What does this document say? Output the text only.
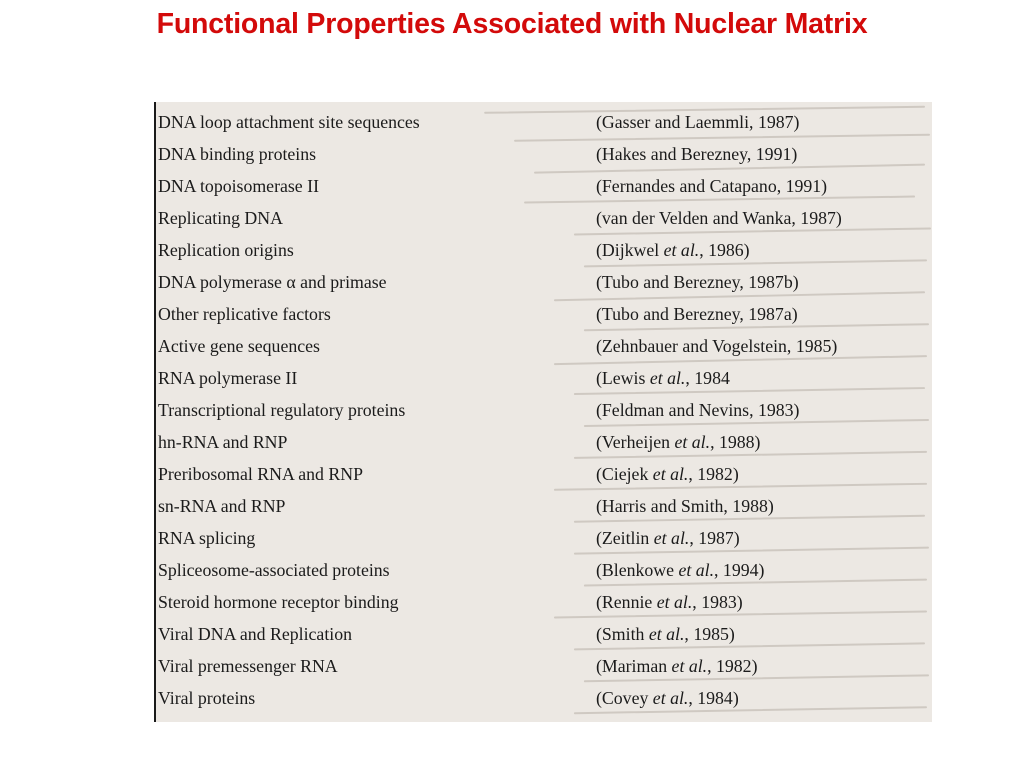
Functional Properties Associated with Nuclear Matrix
DNA loop attachment site sequences	(Gasser and Laemmli, 1987)
DNA binding proteins	(Hakes and Berezney, 1991)
DNA topoisomerase II	(Fernandes and Catapano, 1991)
Replicating DNA	(van der Velden and Wanka, 1987)
Replication origins	(Dijkwel et al., 1986)
DNA polymerase α and primase	(Tubo and Berezney, 1987b)
Other replicative factors	(Tubo and Berezney, 1987a)
Active gene sequences	(Zehnbauer and Vogelstein, 1985)
RNA polymerase II	(Lewis et al., 1984
Transcriptional regulatory proteins	(Feldman and Nevins, 1983)
hn-RNA and RNP	(Verheijen et al., 1988)
Preribosomal RNA and RNP	(Ciejek et al., 1982)
sn-RNA and RNP	(Harris and Smith, 1988)
RNA splicing	(Zeitlin et al., 1987)
Spliceosome-associated proteins	(Blenkowe et al., 1994)
Steroid hormone receptor binding	(Rennie et al., 1983)
Viral DNA and Replication	(Smith et al., 1985)
Viral premessenger RNA	(Mariman et al., 1982)
Viral proteins	(Covey et al., 1984)
